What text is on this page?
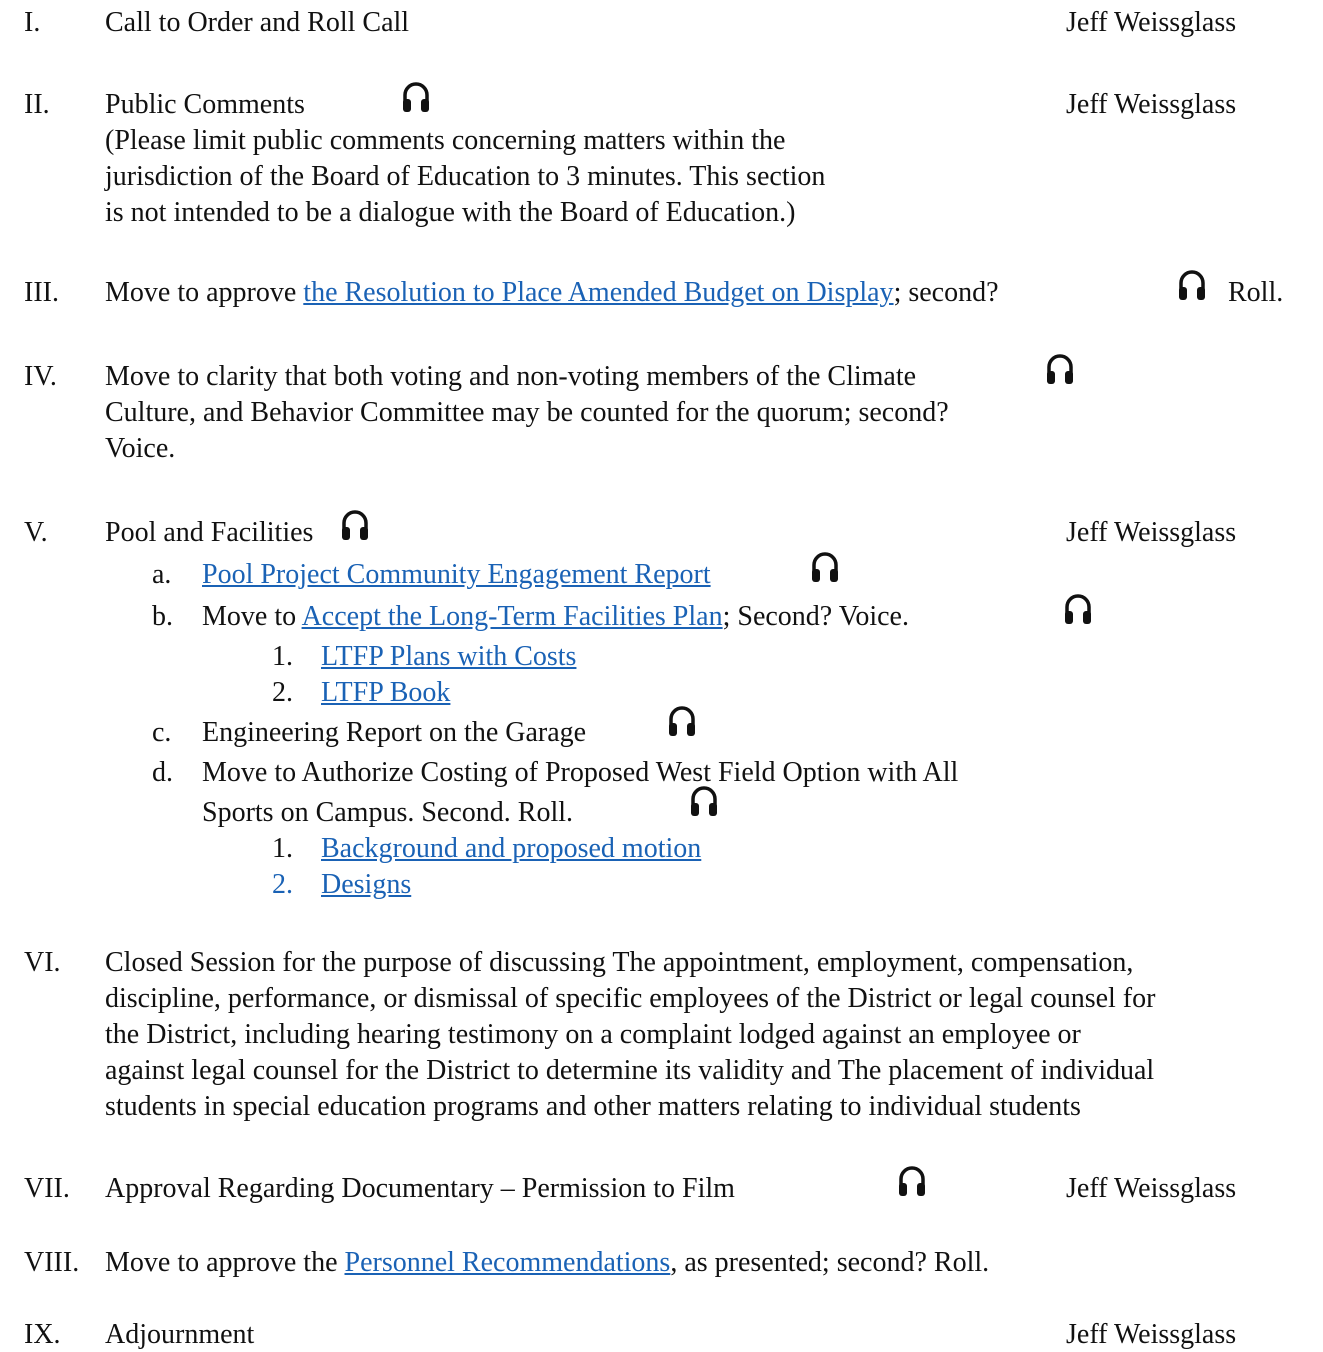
I. Call to Order and Roll Call	Jeff Weissglass
II. Public Comments	Jeff Weissglass
(Please limit public comments concerning matters within the
jurisdiction of the Board of Education to 3 minutes. This section
is not intended to be a dialogue with the Board of Education.)
III. Move to approve the Resolution to Place Amended Budget on Display; second?	Roll.
IV. Move to clarity that both voting and non-voting members of the Climate
Culture, and Behavior Committee may be counted for the quorum; second?
Voice.
V. Pool and Facilities	Jeff Weissglass
a. Pool Project Community Engagement Report
b. Move to Accept the Long-Term Facilities Plan; Second? Voice.
1. LTFP Plans with Costs
2. LTFP Book
c. Engineering Report on the Garage
d. Move to Authorize Costing of Proposed West Field Option with All
Sports on Campus. Second. Roll.
1. Background and proposed motion
2. Designs
VI. Closed Session for the purpose of discussing The appointment, employment, compensation,
discipline, performance, or dismissal of specific employees of the District or legal counsel for
the District, including hearing testimony on a complaint lodged against an employee or
against legal counsel for the District to determine its validity and The placement of individual
students in special education programs and other matters relating to individual students
VII. Approval Regarding Documentary – Permission to Film	Jeff Weissglass
VIII. Move to approve the Personnel Recommendations, as presented; second? Roll.
IX. Adjournment	Jeff Weissglass
